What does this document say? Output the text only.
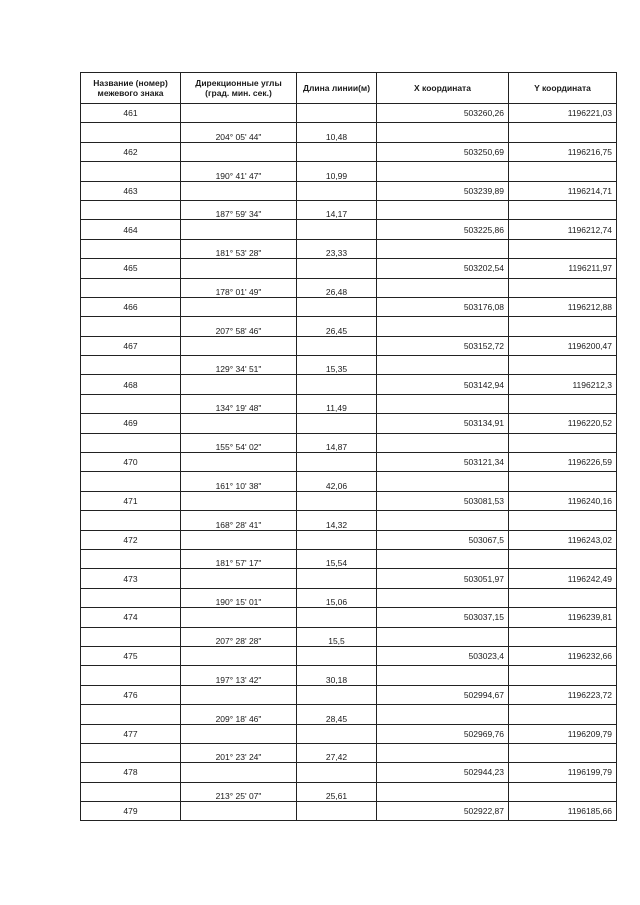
Название (номер)
межевого знака	Дирекционные углы
(град. мин. сек.)	Длина линии(м)	X координата	Y координата
461			503260,26	1196221,03
	204° 05' 44"	10,48		
462			503250,69	1196216,75
	190° 41' 47"	10,99		
463			503239,89	1196214,71
	187° 59' 34"	14,17		
464			503225,86	1196212,74
	181° 53' 28"	23,33		
465			503202,54	1196211,97
	178° 01' 49"	26,48		
466			503176,08	1196212,88
	207° 58' 46"	26,45		
467			503152,72	1196200,47
	129° 34' 51"	15,35		
468			503142,94	1196212,3
	134° 19' 48"	11,49		
469			503134,91	1196220,52
	155° 54' 02"	14,87		
470			503121,34	1196226,59
	161° 10' 38"	42,06		
471			503081,53	1196240,16
	168° 28' 41"	14,32		
472			503067,5	1196243,02
	181° 57' 17"	15,54		
473			503051,97	1196242,49
	190° 15' 01"	15,06		
474			503037,15	1196239,81
	207° 28' 28"	15,5		
475			503023,4	1196232,66
	197° 13' 42"	30,18		
476			502994,67	1196223,72
	209° 18' 46"	28,45		
477			502969,76	1196209,79
	201° 23' 24"	27,42		
478			502944,23	1196199,79
	213° 25' 07"	25,61		
479			502922,87	1196185,66
